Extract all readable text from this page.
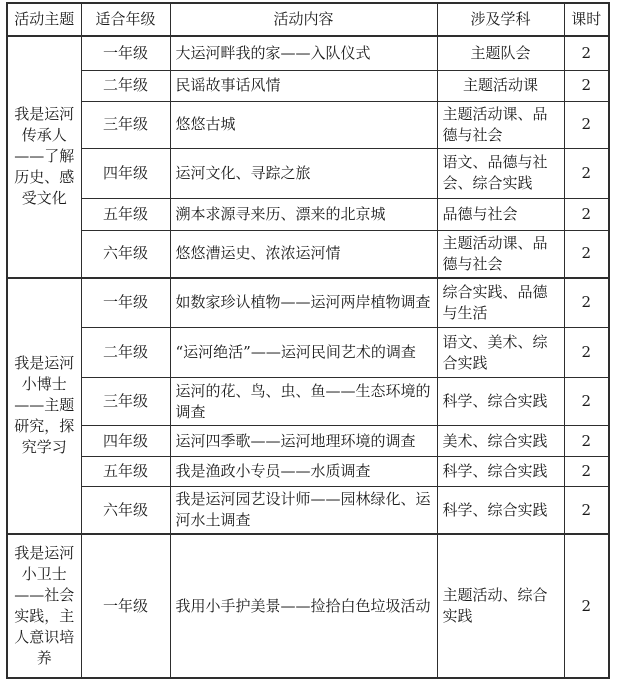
活动主题	适合年级	活动内容	涉及学科	课时
我是运河传承人——了解历史、感受文化	一年级	大运河畔我的家——入队仪式	主题队会	2
	二年级	民谣故事话风情	主题活动课	2
	三年级	悠悠古城	主题活动课、品德与社会	2
	四年级	运河文化、寻踪之旅	语文、品德与社会、综合实践	2
	五年级	溯本求源寻来历、漂来的北京城	品德与社会	2
	六年级	悠悠漕运史、浓浓运河情	主题活动课、品德与社会	2
我是运河小博士——主题研究，探究学习	一年级	如数家珍认植物——运河两岸植物调查	综合实践、品德与生活	2
	二年级	“运河绝活”——运河民间艺术的调查	语文、美术、综合实践	2
	三年级	运河的花、鸟、虫、鱼——生态环境的调查	科学、综合实践	2
	四年级	运河四季歌——运河地理环境的调查	美术、综合实践	2
	五年级	我是渔政小专员——水质调查	科学、综合实践	2
	六年级	我是运河园艺设计师——园林绿化、运河水土调查	科学、综合实践	2
我是运河小卫士——社会实践，主人意识培养	一年级	我用小手护美景——捡拾白色垃圾活动	主题活动、综合实践	2
